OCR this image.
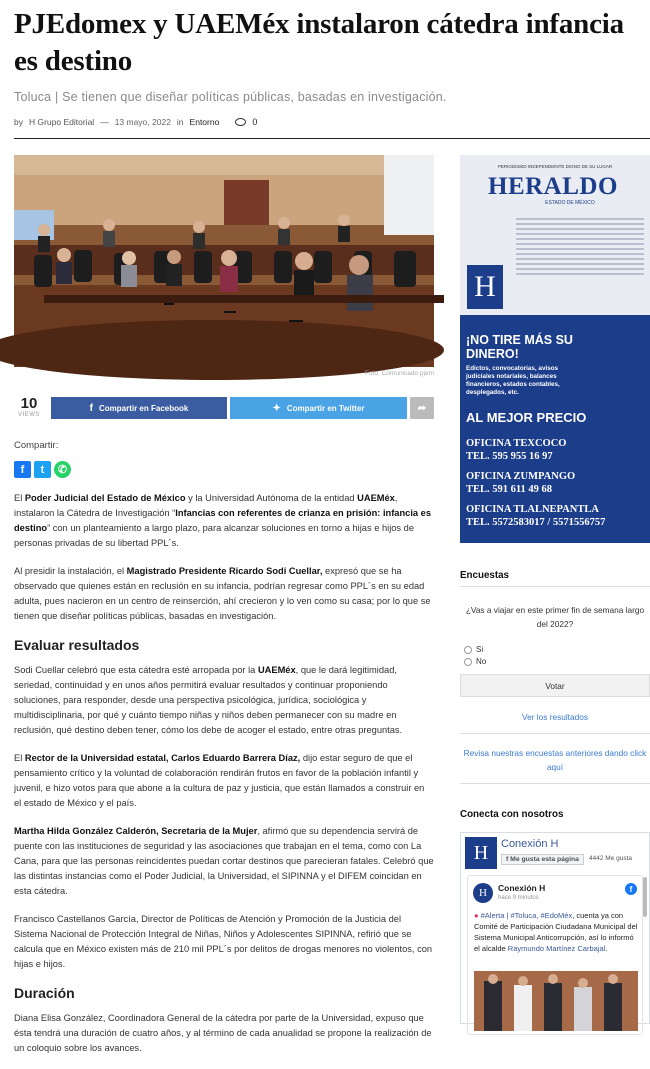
PJEdomex y UAEMéx instalaron cátedra infancia es destino
Toluca | Se tienen que diseñar políticas públicas, basadas en investigación.
by H Grupo Editorial — 13 mayo, 2022 in Entorno	0
Foto: Comunicado pjem
10
VIEWS
f Compartir en Facebook	✦ Compartir en Twitter	➦
Compartir:
f	t	✆

El Poder Judicial del Estado de México y la Universidad Autónoma de la entidad UAEMéx, instalaron la Cátedra de Investigación “Infancias con referentes de crianza en prisión: infancia es destino” con un planteamiento a largo plazo, para alcanzar soluciones en torno a hijas e hijos de personas privadas de su libertad PPL´s.

Al presidir la instalación, el Magistrado Presidente Ricardo Sodi Cuellar, expresó que se ha observado que quienes están en reclusión en su infancia, podrían regresar como PPL´s en su edad adulta, pues nacieron en un centro de reinserción, ahí crecieron y lo ven como su casa; por lo que se tienen que diseñar políticas públicas, basadas en investigación.

Evaluar resultados

Sodi Cuellar celebró que esta cátedra esté arropada por la UAEMéx, que le dará legitimidad, seriedad, continuidad y en unos años permitirá evaluar resultados y continuar proponiendo soluciones, para responder, desde una perspectiva psicológica, jurídica, sociológica y multidisciplinaria, por qué y cuánto tiempo niñas y niños deben permanecer con su madre en reclusión, qué destino deben tener, cómo los debe de acoger el estado, entre otras preguntas.

El Rector de la Universidad estatal, Carlos Eduardo Barrera Díaz, dijo estar seguro de que el pensamiento crítico y la voluntad de colaboración rendirán frutos en favor de la población infantil y juvenil, e hizo votos para que abone a la cultura de paz y justicia, que están llamados a construir en el estado de México y el país.

Martha Hilda González Calderón, Secretaria de la Mujer, afirmó que su dependencia servirá de puente con las instituciones de seguridad y las asociaciones que trabajan en el tema, como con La Cana, para que las personas reincidentes puedan cortar destinos que parecieran fatales. Celebró que las distintas instancias como el Poder Judicial, la Universidad, el SIPINNA y el DIFEM coincidan en esta cátedra.

Francisco Castellanos García, Director de Políticas de Atención y Promoción de la Justicia del Sistema Nacional de Protección Integral de Niñas, Niños y Adolescentes SIPINNA, refirió que se calcula que en México existen más de 210 mil PPL´s por delitos de drogas menores no violentos, con hijas e hijos.

Duración

Diana Elisa González, Coordinadora General de la cátedra por parte de la Universidad, expuso que ésta tendrá una duración de cuatro años, y al término de cada anualidad se propone la realización de un coloquio sobre los avances.

PERIODISMO INDEPENDIENTE DIGNO DE SU LUGAR
HERALDO
ESTADO DE MÉXICO
H
¡NO TIRE MÁS SU DINERO!
Edictos, convocatorias, avisos judiciales notariales, balances financieros, estados contables, desplegados, etc.
AL MEJOR PRECIO
OFICINA TEXCOCO
TEL. 595 955 16 97
OFICINA ZUMPANGO
TEL. 591 611 49 68
OFICINA TLALNEPANTLA
TEL. 5572583017 / 5571556757
Encuestas
¿Vas a viajar en este primer fin de semana largo del 2022?
Si
No
Votar
Ver los resultados
Revisa nuestras encuestas anteriores dando click aquí
Conecta con nosotros
H	Conexión H
f Me gusta esta página	4442 Me gusta
H	Conexión H
hace 9 minutos
f
● #Alerta | #Toluca, #EdoMéx, cuenta ya con Comité de Participación Ciudadana Municipal del Sistema Municipal Anticorrupción, así lo informó el alcalde Raymundo Martínez Carbajal.
